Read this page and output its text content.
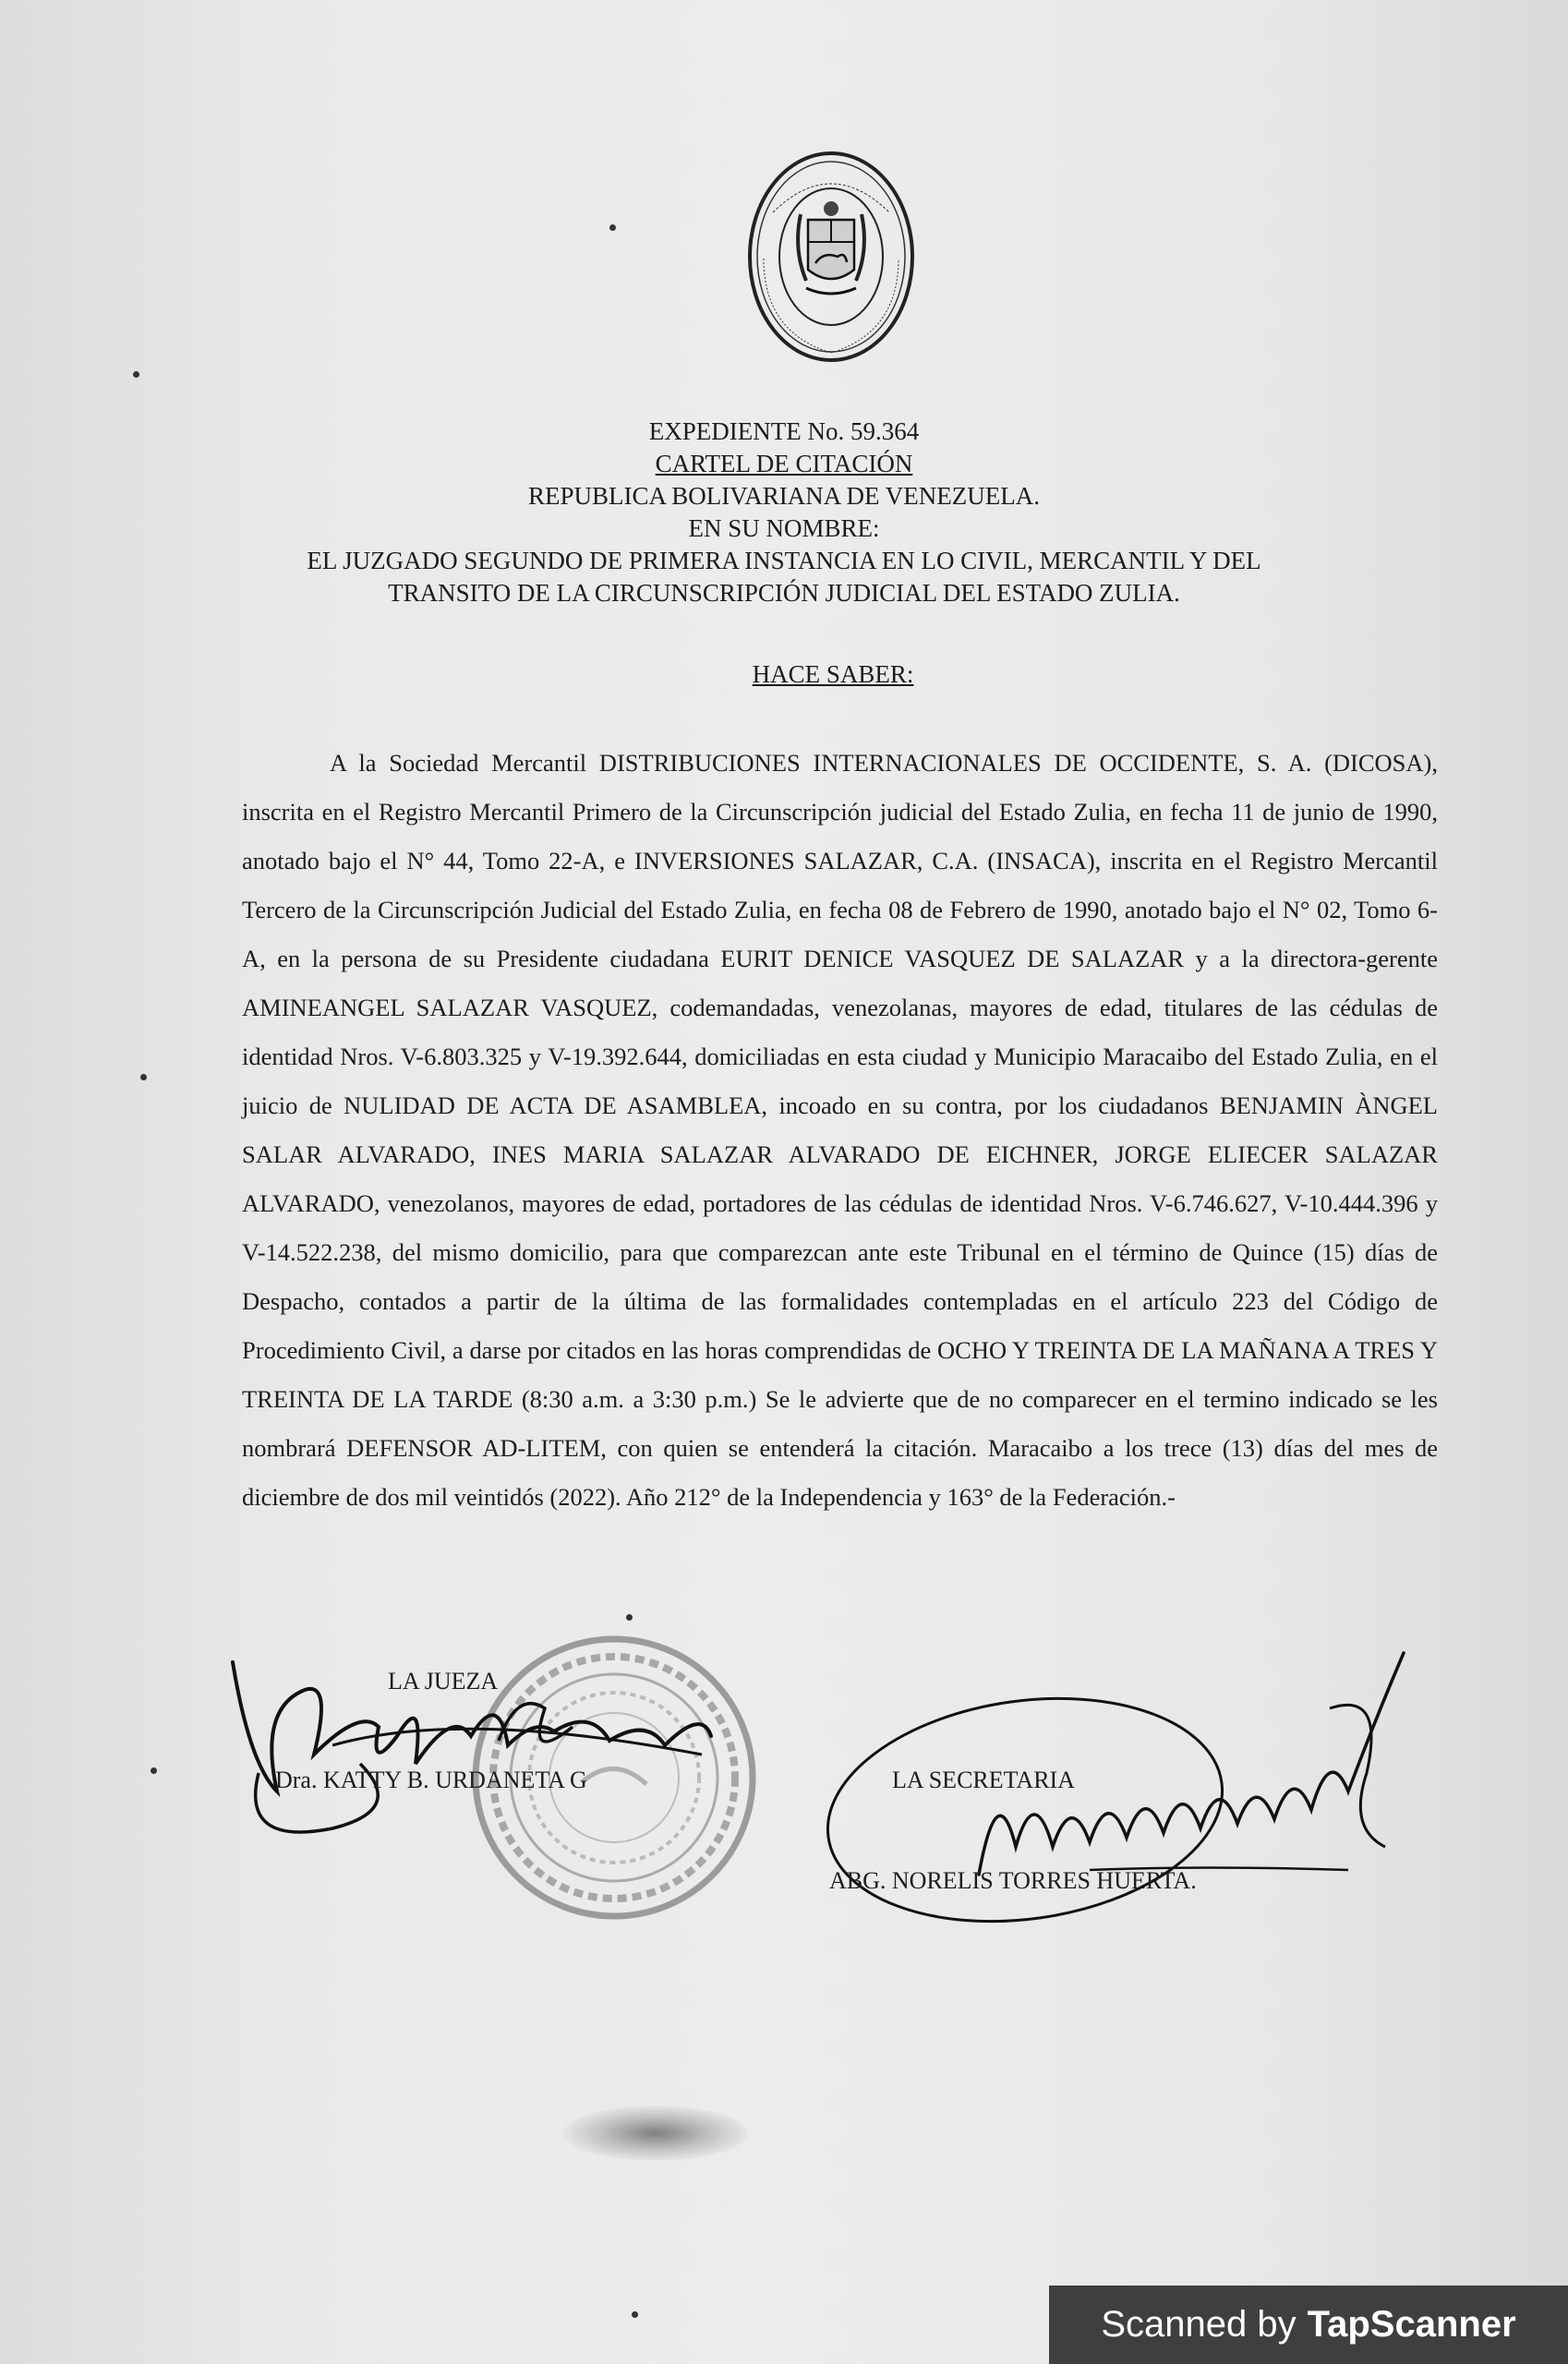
EXPEDIENTE No. 59.364
CARTEL DE CITACIÓN
REPUBLICA BOLIVARIANA DE VENEZUELA.
EN SU NOMBRE:
EL JUZGADO SEGUNDO DE PRIMERA INSTANCIA EN LO CIVIL, MERCANTIL Y DEL
TRANSITO DE LA CIRCUNSCRIPCIÓN JUDICIAL DEL ESTADO ZULIA.
HACE SABER:

A la Sociedad Mercantil DISTRIBUCIONES INTERNACIONALES DE OCCIDENTE, S. A. (DICOSA), inscrita en el Registro Mercantil Primero de la Circunscripción judicial del Estado Zulia, en fecha 11 de junio de 1990, anotado bajo el N° 44, Tomo 22-A, e INVERSIONES SALAZAR, C.A. (INSACA), inscrita en el Registro Mercantil Tercero de la Circunscripción Judicial del Estado Zulia, en fecha 08 de Febrero de 1990, anotado bajo el N° 02, Tomo 6-A, en la persona de su Presidente ciudadana EURIT DENICE VASQUEZ DE SALAZAR y a la directora-gerente AMINEANGEL SALAZAR VASQUEZ, codemandadas, venezolanas, mayores de edad, titulares de las cédulas de identidad Nros. V-6.803.325 y V-19.392.644, domiciliadas en esta ciudad y Municipio Maracaibo del Estado Zulia, en el juicio de NULIDAD DE ACTA DE ASAMBLEA, incoado en su contra, por los ciudadanos BENJAMIN ÀNGEL SALAR ALVARADO, INES MARIA SALAZAR ALVARADO DE EICHNER, JORGE ELIECER SALAZAR ALVARADO, venezolanos, mayores de edad, portadores de las cédulas de identidad Nros. V-6.746.627, V-10.444.396 y V-14.522.238, del mismo domicilio, para que comparezcan ante este Tribunal en el término de Quince (15) días de Despacho, contados a partir de la última de las formalidades contempladas en el artículo 223 del Código de Procedimiento Civil, a darse por citados en las horas comprendidas de OCHO Y TREINTA DE LA MAÑANA A TRES Y TREINTA DE LA TARDE (8:30 a.m. a 3:30 p.m.) Se le advierte que de no comparecer en el termino indicado se les nombrará DEFENSOR AD-LITEM, con quien se entenderá la citación. Maracaibo a los trece (13) días del mes de diciembre de dos mil veintidós (2022). Año 212° de la Independencia y 163° de la Federación.-

LA JUEZA
Dra. KATTY B. URDANETA G	LA SECRETARIA
ABG. NORELIS TORRES HUERTA.
Scanned by TapScanner
